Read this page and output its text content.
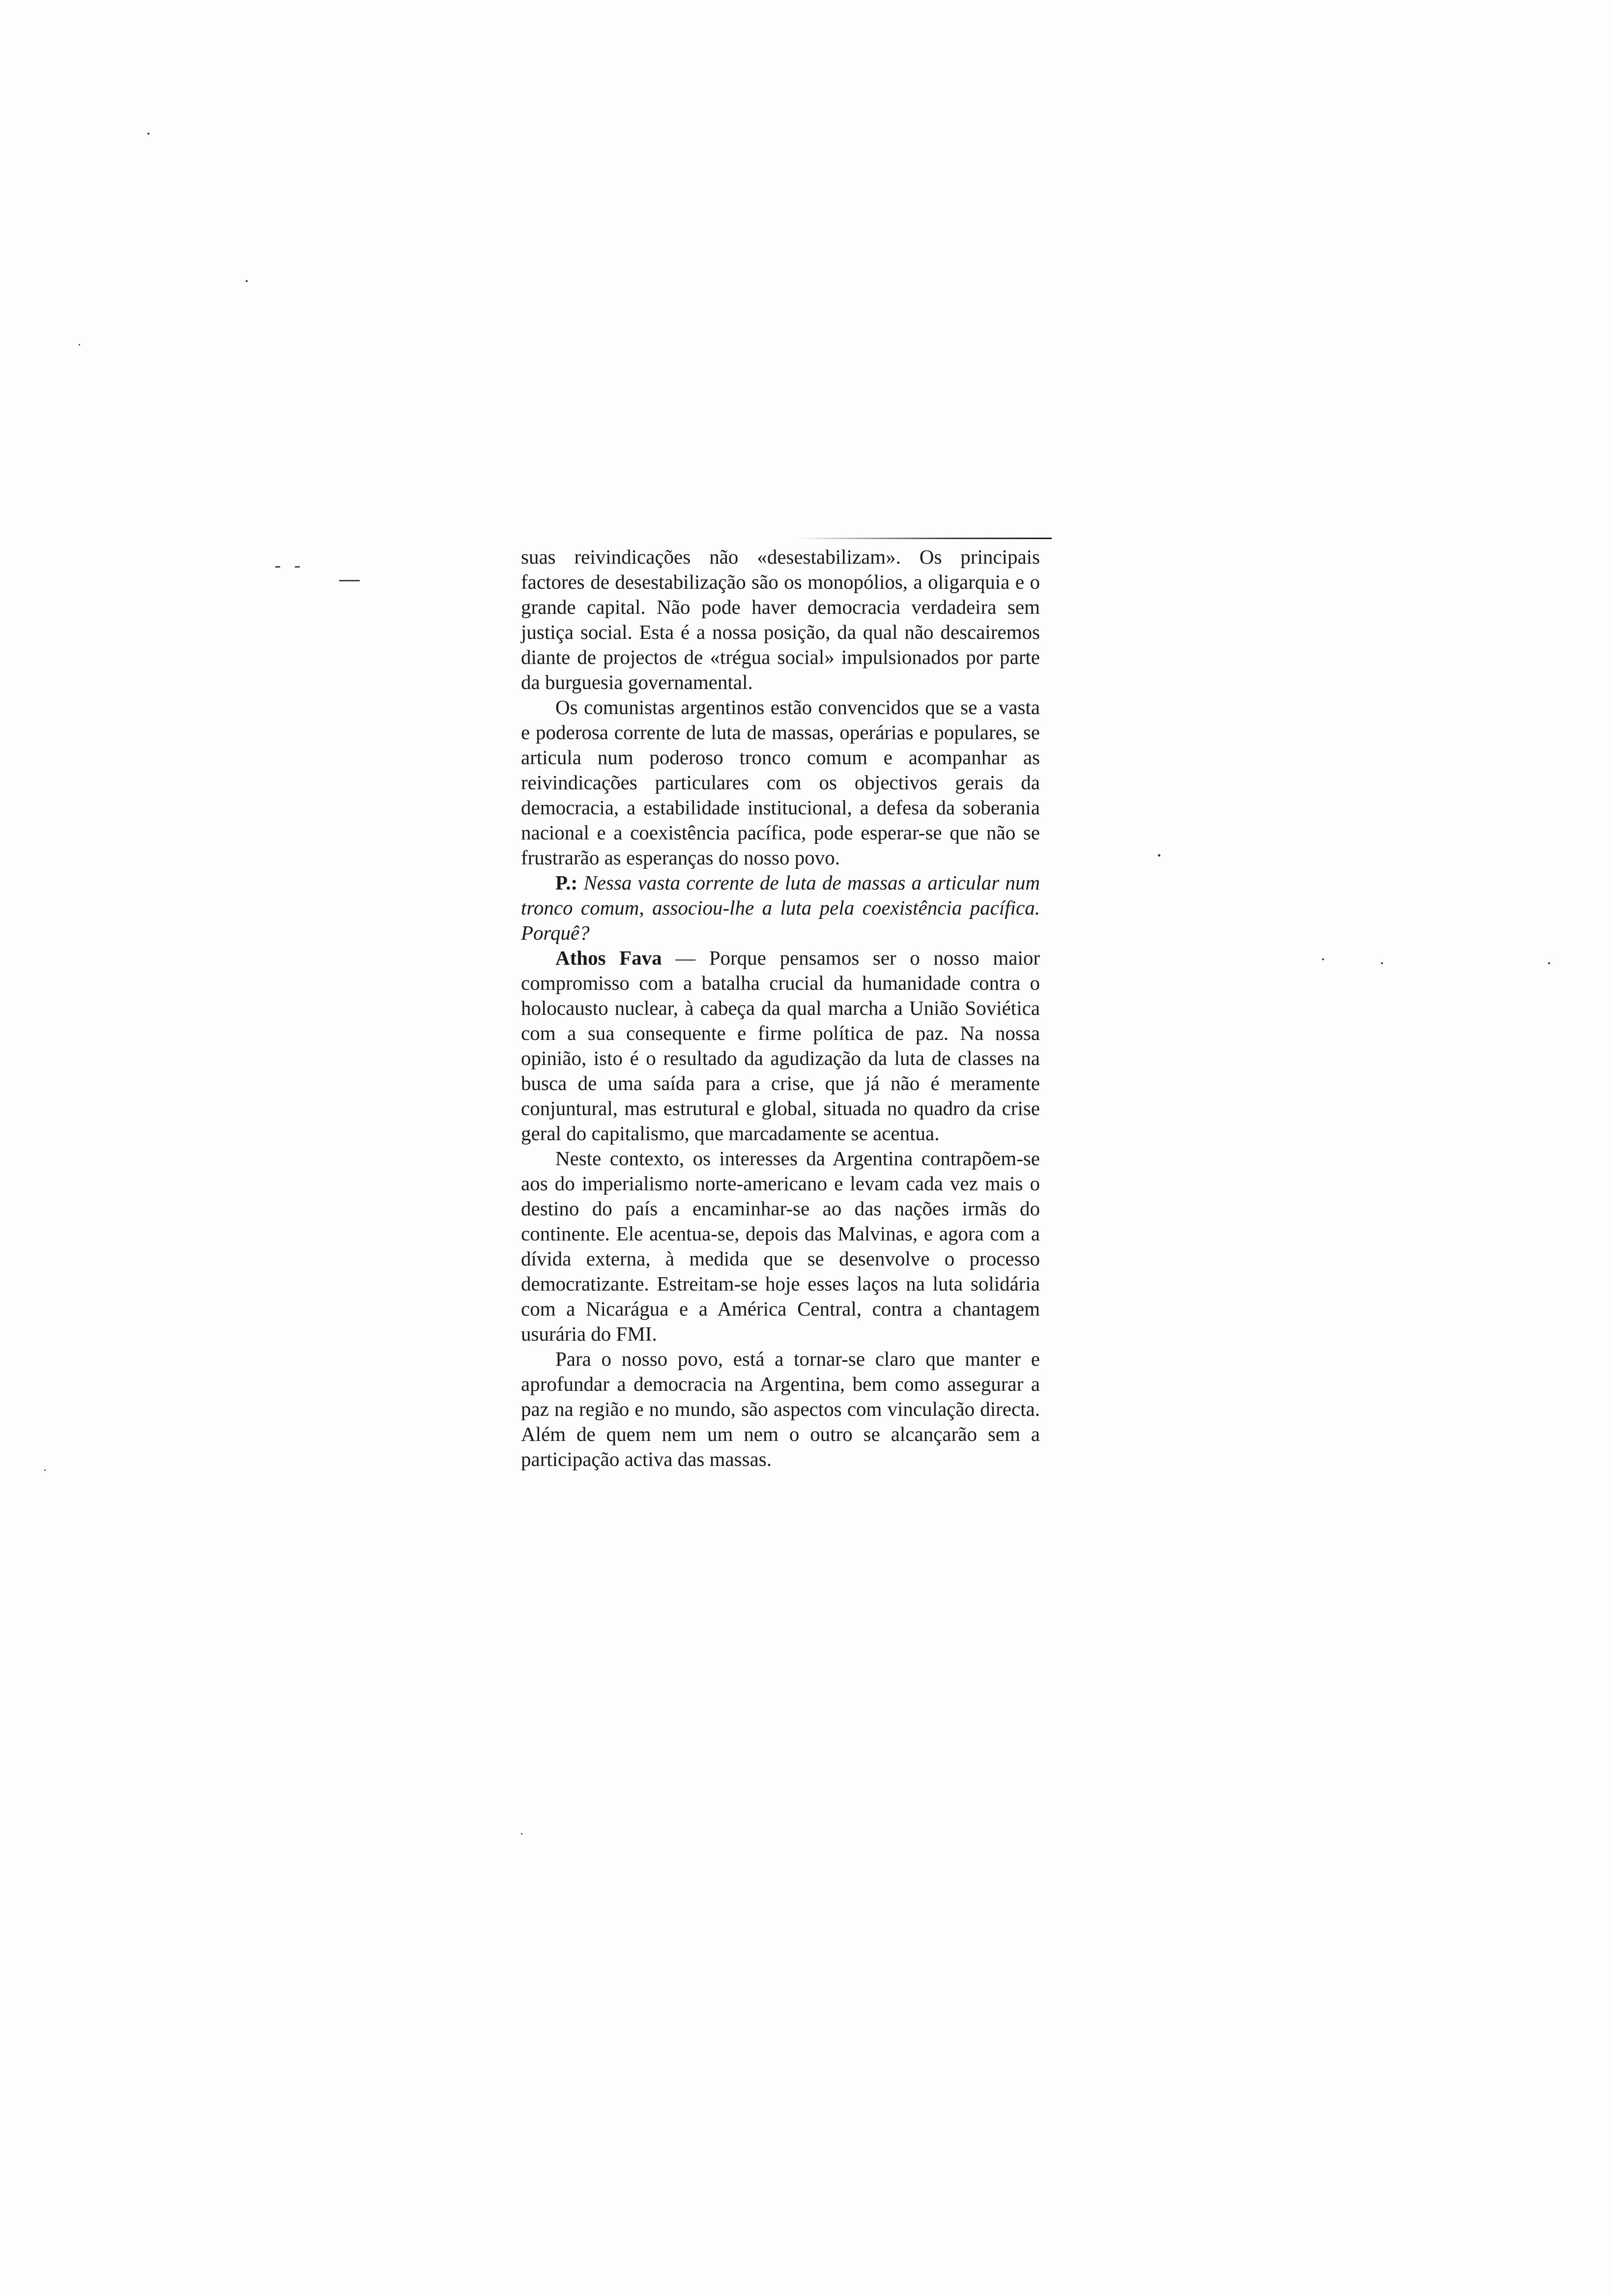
suas reivindicações não «desestabilizam». Os principais factores de desestabilização são os monopólios, a oligarquia e o grande capital. Não pode haver democracia verdadeira sem justiça social. Esta é a nossa posição, da qual não descairemos diante de projectos de «trégua social» impulsionados por parte da burguesia governamental.

Os comunistas argentinos estão convencidos que se a vasta e poderosa corrente de luta de massas, operárias e populares, se articula num poderoso tronco comum e acompanhar as reivindicações particulares com os objectivos gerais da democracia, a estabilidade institucional, a defesa da soberania nacional e a coexistência pacífica, pode esperar-se que não se frustrarão as esperanças do nosso povo.

P.: Nessa vasta corrente de luta de massas a articular num tronco comum, associou-lhe a luta pela coexistência pacífica. Porquê?

Athos Fava — Porque pensamos ser o nosso maior compromisso com a batalha crucial da humanidade contra o holocausto nuclear, à cabeça da qual marcha a União Soviética com a sua consequente e firme política de paz. Na nossa opinião, isto é o resultado da agudização da luta de classes na busca de uma saída para a crise, que já não é meramente conjuntural, mas estrutural e global, situada no quadro da crise geral do capitalismo, que marcadamente se acentua.

Neste contexto, os interesses da Argentina contrapõem-se aos do imperialismo norte-americano e levam cada vez mais o destino do país a encaminhar-se ao das nações irmãs do continente. Ele acentua-se, depois das Malvinas, e agora com a dívida externa, à medida que se desenvolve o processo democratizante. Estreitam-se hoje esses laços na luta solidária com a Nicarágua e a América Central, contra a chantagem usurária do FMI.

Para o nosso povo, está a tornar-se claro que manter e aprofundar a democracia na Argentina, bem como assegurar a paz na região e no mundo, são aspectos com vinculação directa. Além de quem nem um nem o outro se alcançarão sem a participação activa das massas.
